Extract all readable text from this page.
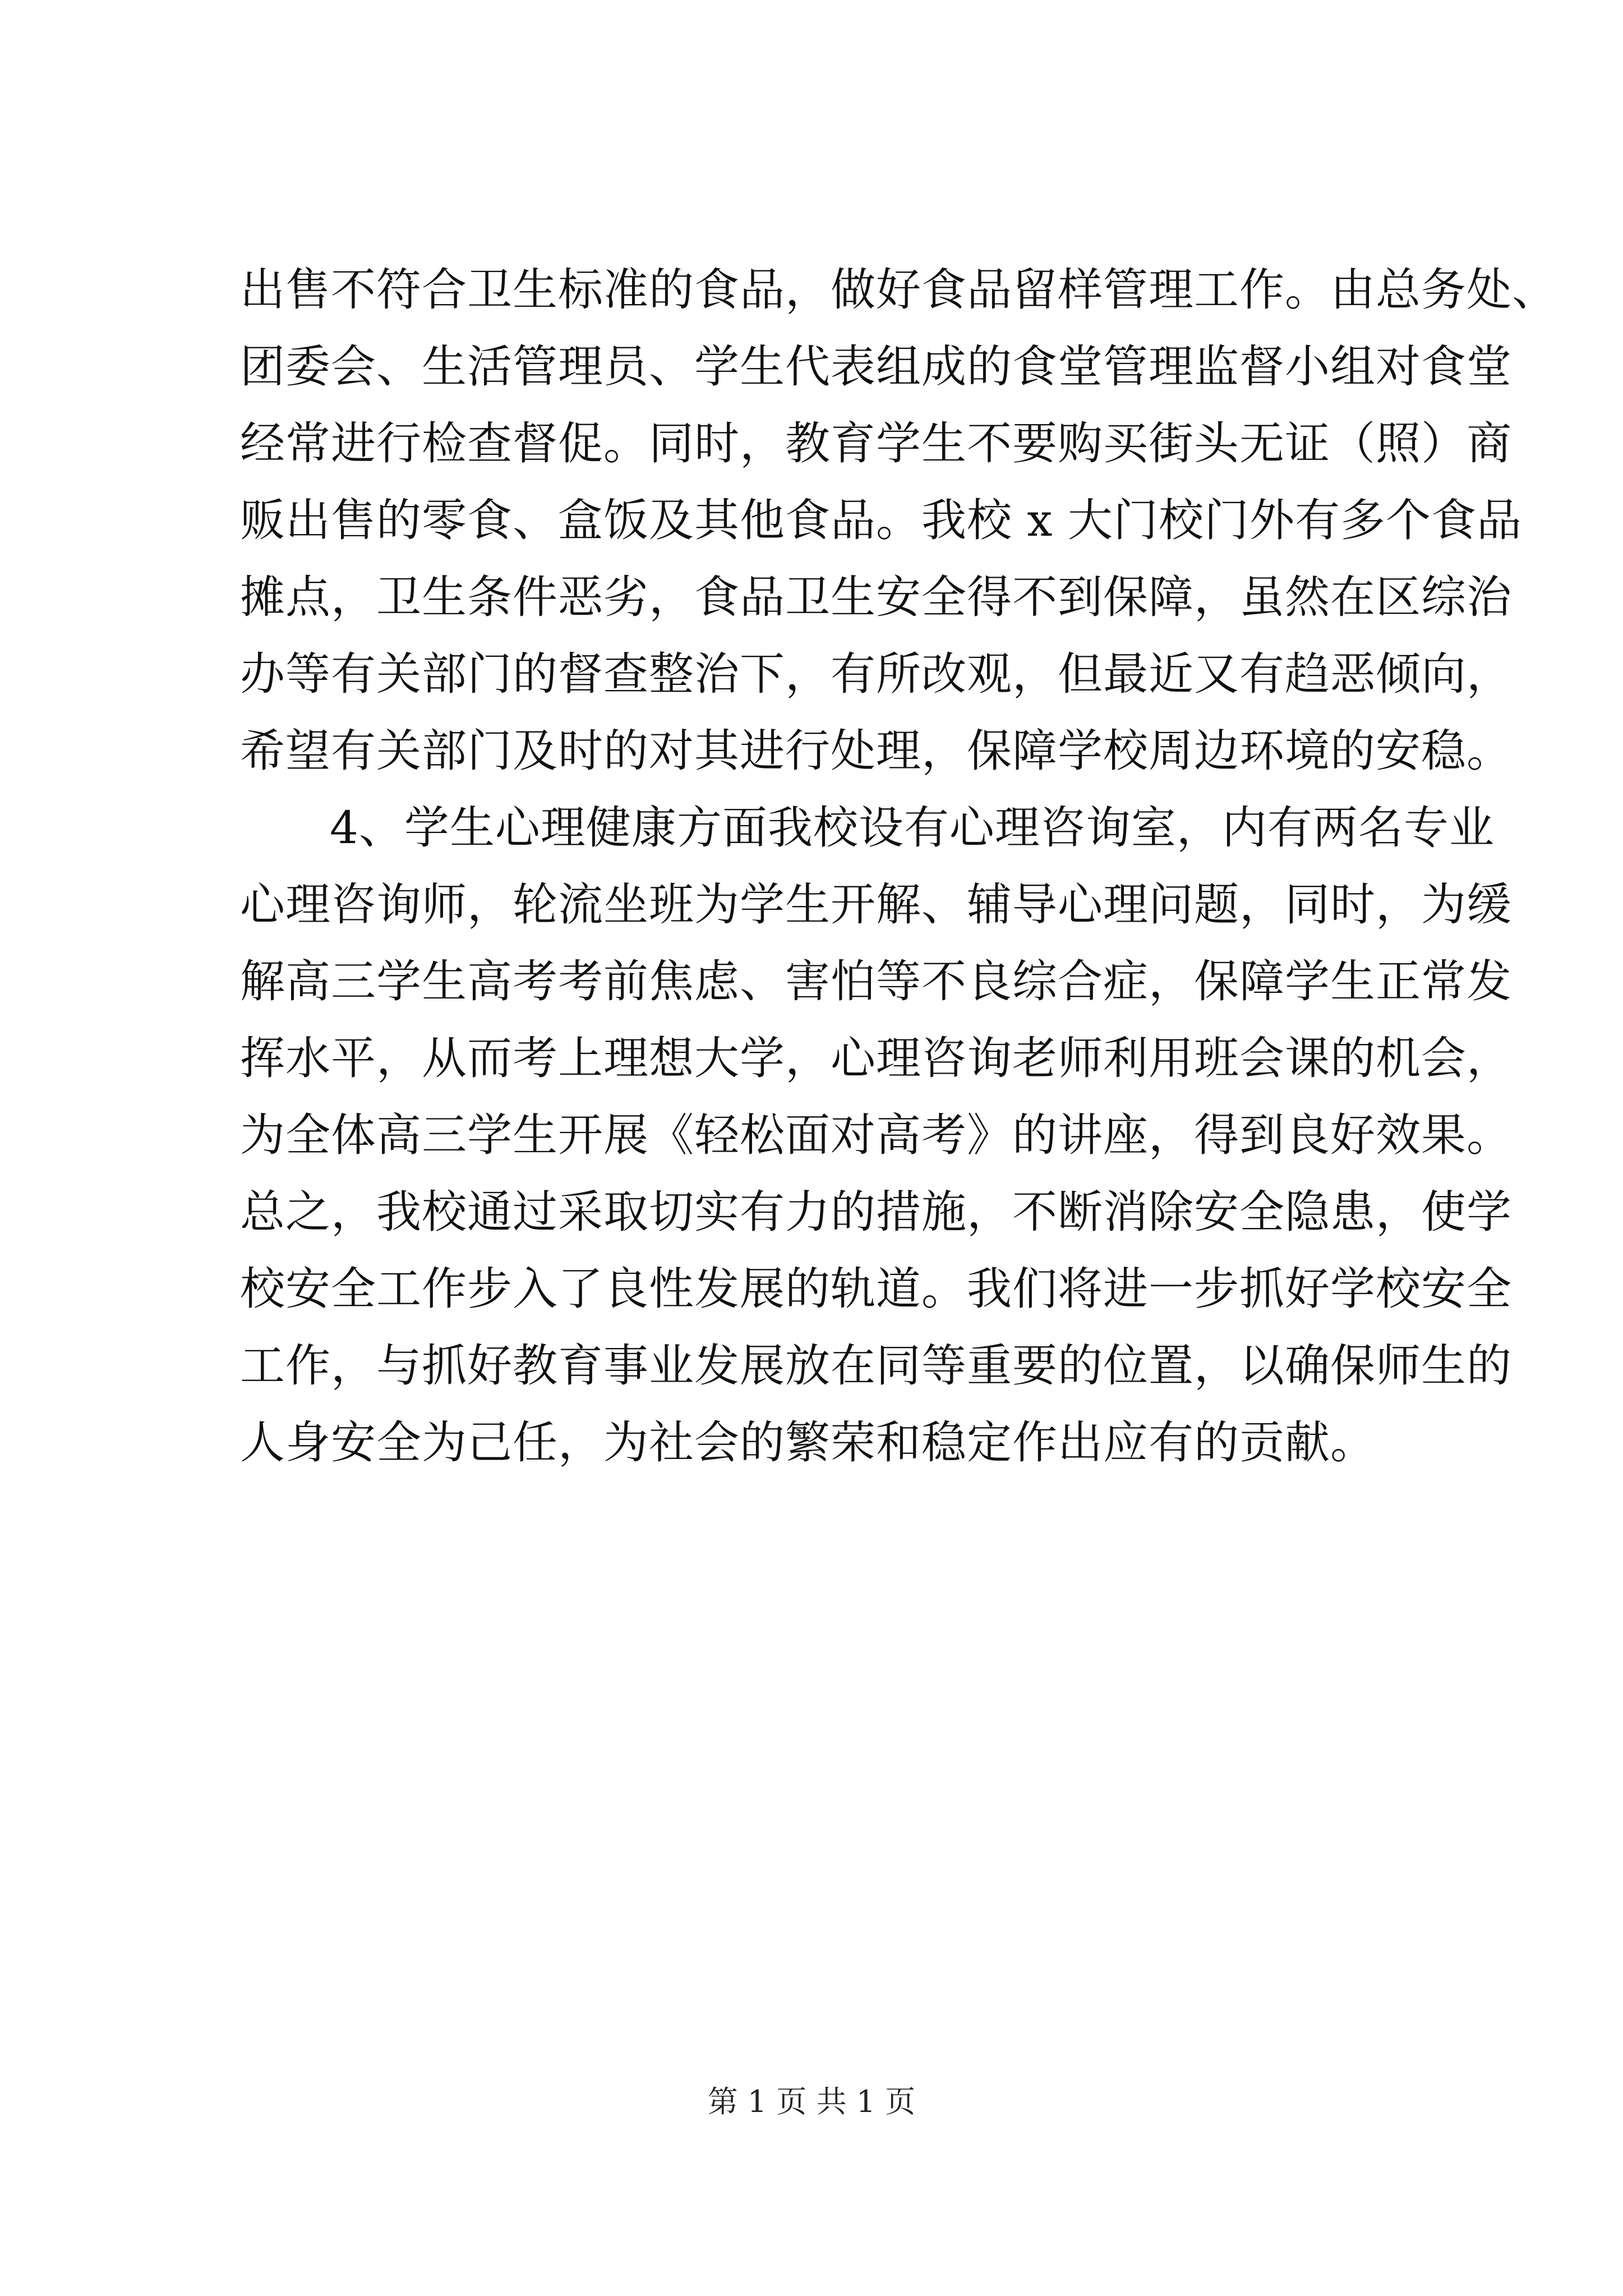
出售不符合卫生标准的食品，做好食品留样管理工作。由总务处、
团委会、生活管理员、学生代表组成的食堂管理监督小组对食堂
经常进行检查督促。同时，教育学生不要购买街头无证（照）商
贩出售的零食、盒饭及其他食品。我校 x 大门校门外有多个食品
摊点，卫生条件恶劣，食品卫生安全得不到保障，虽然在区综治
办等有关部门的督查整治下，有所改观，但最近又有趋恶倾向，
希望有关部门及时的对其进行处理，保障学校周边环境的安稳。
4、学生心理健康方面我校设有心理咨询室，内有两名专业
心理咨询师，轮流坐班为学生开解、辅导心理问题，同时，为缓
解高三学生高考考前焦虑、害怕等不良综合症，保障学生正常发
挥水平，从而考上理想大学，心理咨询老师利用班会课的机会，
为全体高三学生开展《轻松面对高考》的讲座，得到良好效果。
总之，我校通过采取切实有力的措施，不断消除安全隐患，使学
校安全工作步入了良性发展的轨道。我们将进一步抓好学校安全
工作，与抓好教育事业发展放在同等重要的位置，以确保师生的
人身安全为己任，为社会的繁荣和稳定作出应有的贡献。
第 1 页 共 1 页
